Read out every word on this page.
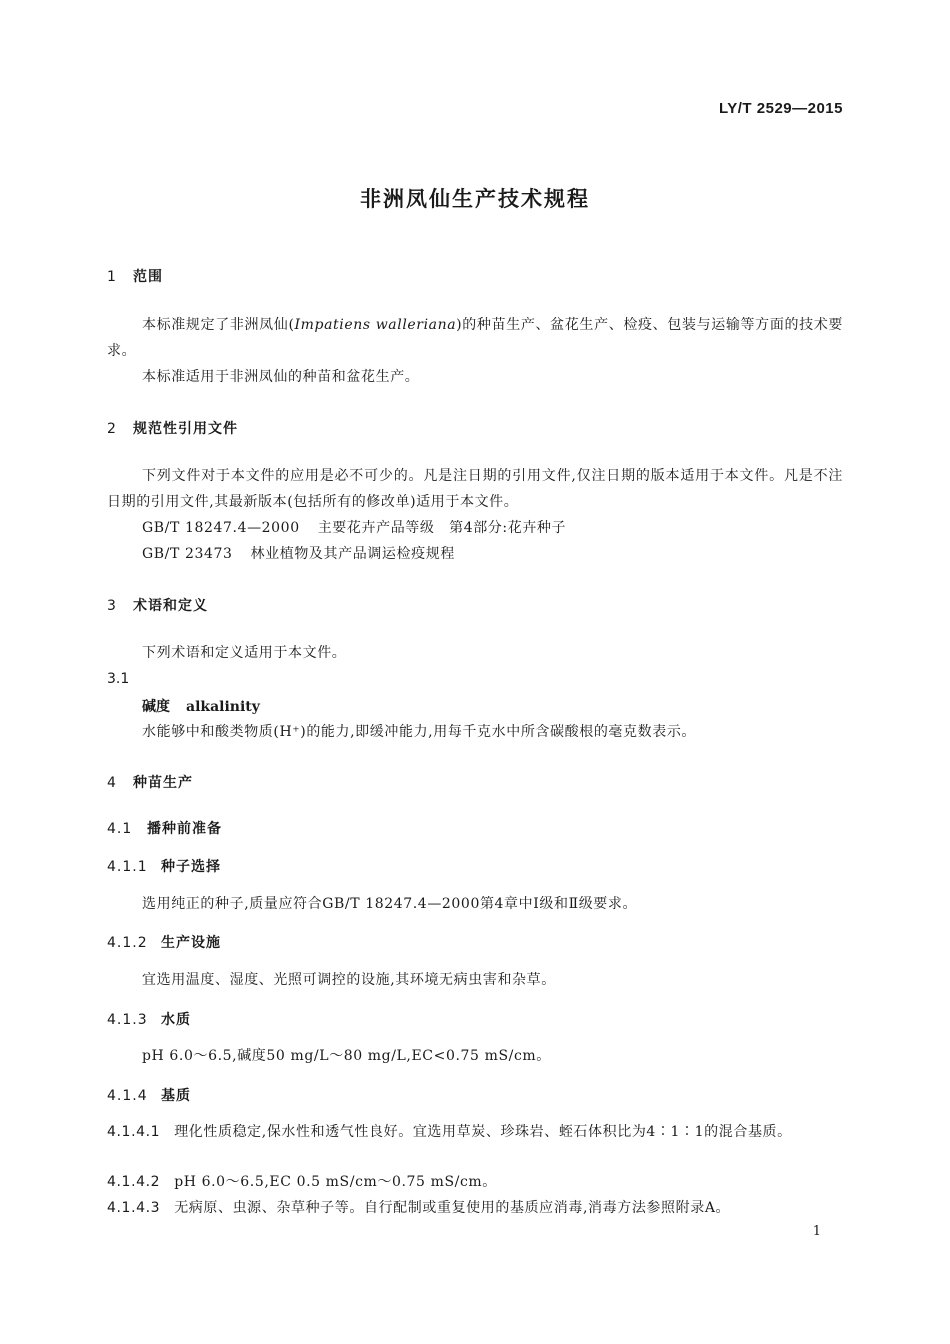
LY/T 2529—2015
非洲凤仙生产技术规程
1 范围
本标准规定了非洲凤仙(Impatiens walleriana)的种苗生产、盆花生产、检疫、包装与运输等方面的技术要求。
本标准适用于非洲凤仙的种苗和盆花生产。
2 规范性引用文件
下列文件对于本文件的应用是必不可少的。凡是注日期的引用文件,仅注日期的版本适用于本文件。凡是不注日期的引用文件,其最新版本(包括所有的修改单)适用于本文件。
GB/T 18247.4—2000 主要花卉产品等级　第4部分:花卉种子
GB/T 23473 林业植物及其产品调运检疫规程
3 术语和定义
下列术语和定义适用于本文件。
3.1
碱度 alkalinity
水能够中和酸类物质(H⁺)的能力,即缓冲能力,用每千克水中所含碳酸根的毫克数表示。
4 种苗生产
4.1 播种前准备
4.1.1 种子选择
选用纯正的种子,质量应符合GB/T 18247.4—2000第4章中Ⅰ级和Ⅱ级要求。
4.1.2 生产设施
宜选用温度、湿度、光照可调控的设施,其环境无病虫害和杂草。
4.1.3 水质
pH 6.0～6.5,碱度50 mg/L～80 mg/L,EC<0.75 mS/cm。
4.1.4 基质
4.1.4.1 理化性质稳定,保水性和透气性良好。宜选用草炭、珍珠岩、蛭石体积比为4∶1∶1的混合基质。
4.1.4.2 pH 6.0～6.5,EC 0.5 mS/cm～0.75 mS/cm。
4.1.4.3 无病原、虫源、杂草种子等。自行配制或重复使用的基质应消毒,消毒方法参照附录A。
1
